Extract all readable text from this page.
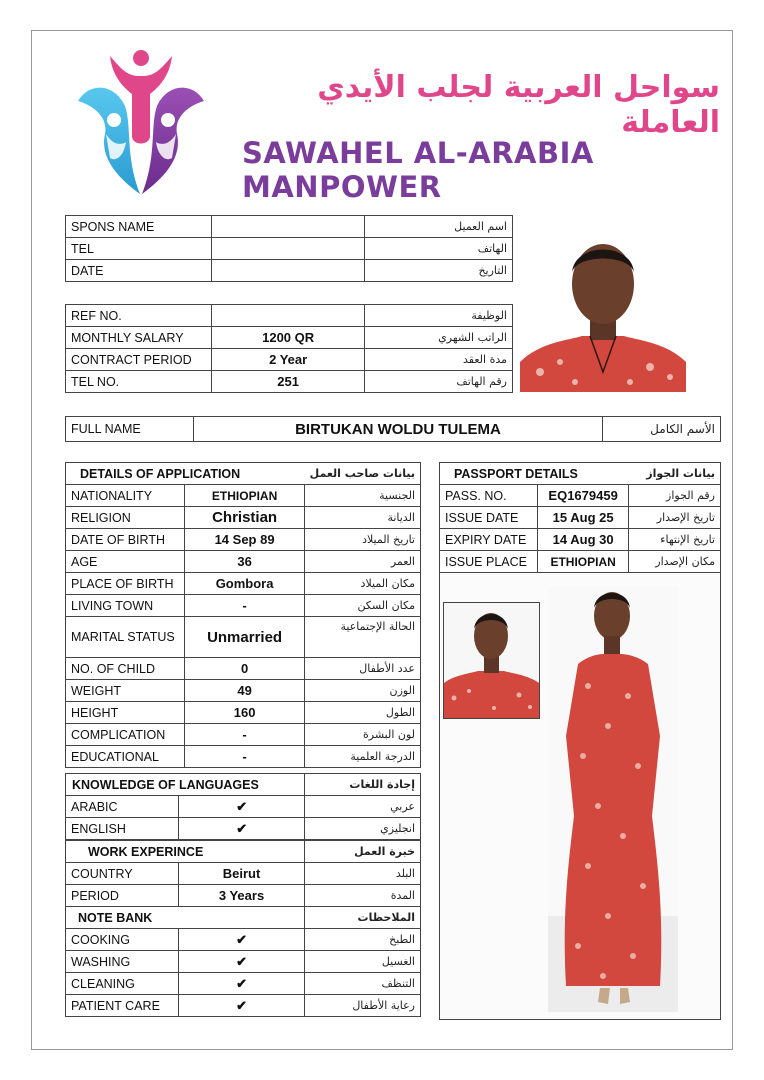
سواحل العربية لجلب الأيدي العاملة
SAWAHEL AL-ARABIA MANPOWER
SPONS NAME		اسم العميل
TEL		الهاتف
DATE		التاريخ
REF NO.		الوظيفة
MONTHLY SALARY	1200 QR	الراتب الشهري
CONTRACT PERIOD	2 Year	مدة العقد
TEL NO.	251	رقم الهاتف
FULL NAME	BIRTUKAN WOLDU TULEMA	الأسم الكامل
DETAILS OF APPLICATION		بيانات صاحب العمل
NATIONALITY	ETHIOPIAN	الجنسية
RELIGION	Christian	الديانة
DATE OF BIRTH	14 Sep 89	تاريخ الميلاد
AGE	36	العمر
PLACE OF BIRTH	Gombora	مكان الميلاد
LIVING TOWN	-	مكان السكن
MARITAL STATUS	Unmarried	الحالة الإجتماعية
NO. OF CHILD	0	عدد الأطفال
WEIGHT	49	الوزن
HEIGHT	160	الطول
COMPLICATION	-	لون البشرة
EDUCATIONAL	-	الدرجة العلمية
KNOWLEDGE OF LANGUAGES		إجادة اللغات
ARABIC	✔	عربي
ENGLISH	✔	انجليزي
WORK EXPERINCE		خبرة العمل
COUNTRY	Beirut	البلد
PERIOD	3 Years	المدة
NOTE BANK		الملاحظات
COOKING	✔	الطبخ
WASHING	✔	الغسيل
CLEANING	✔	التنظف
PATIENT CARE	✔	رعاية الأطفال
PASSPORT DETAILS		بيانات الجواز
PASS. NO.	EQ1679459	رقم الجواز
ISSUE DATE	15 Aug 25	تاريخ الإصدار
EXPIRY DATE	14 Aug 30	تاريخ الإنتهاء
ISSUE PLACE	ETHIOPIAN	مكان الإصدار
